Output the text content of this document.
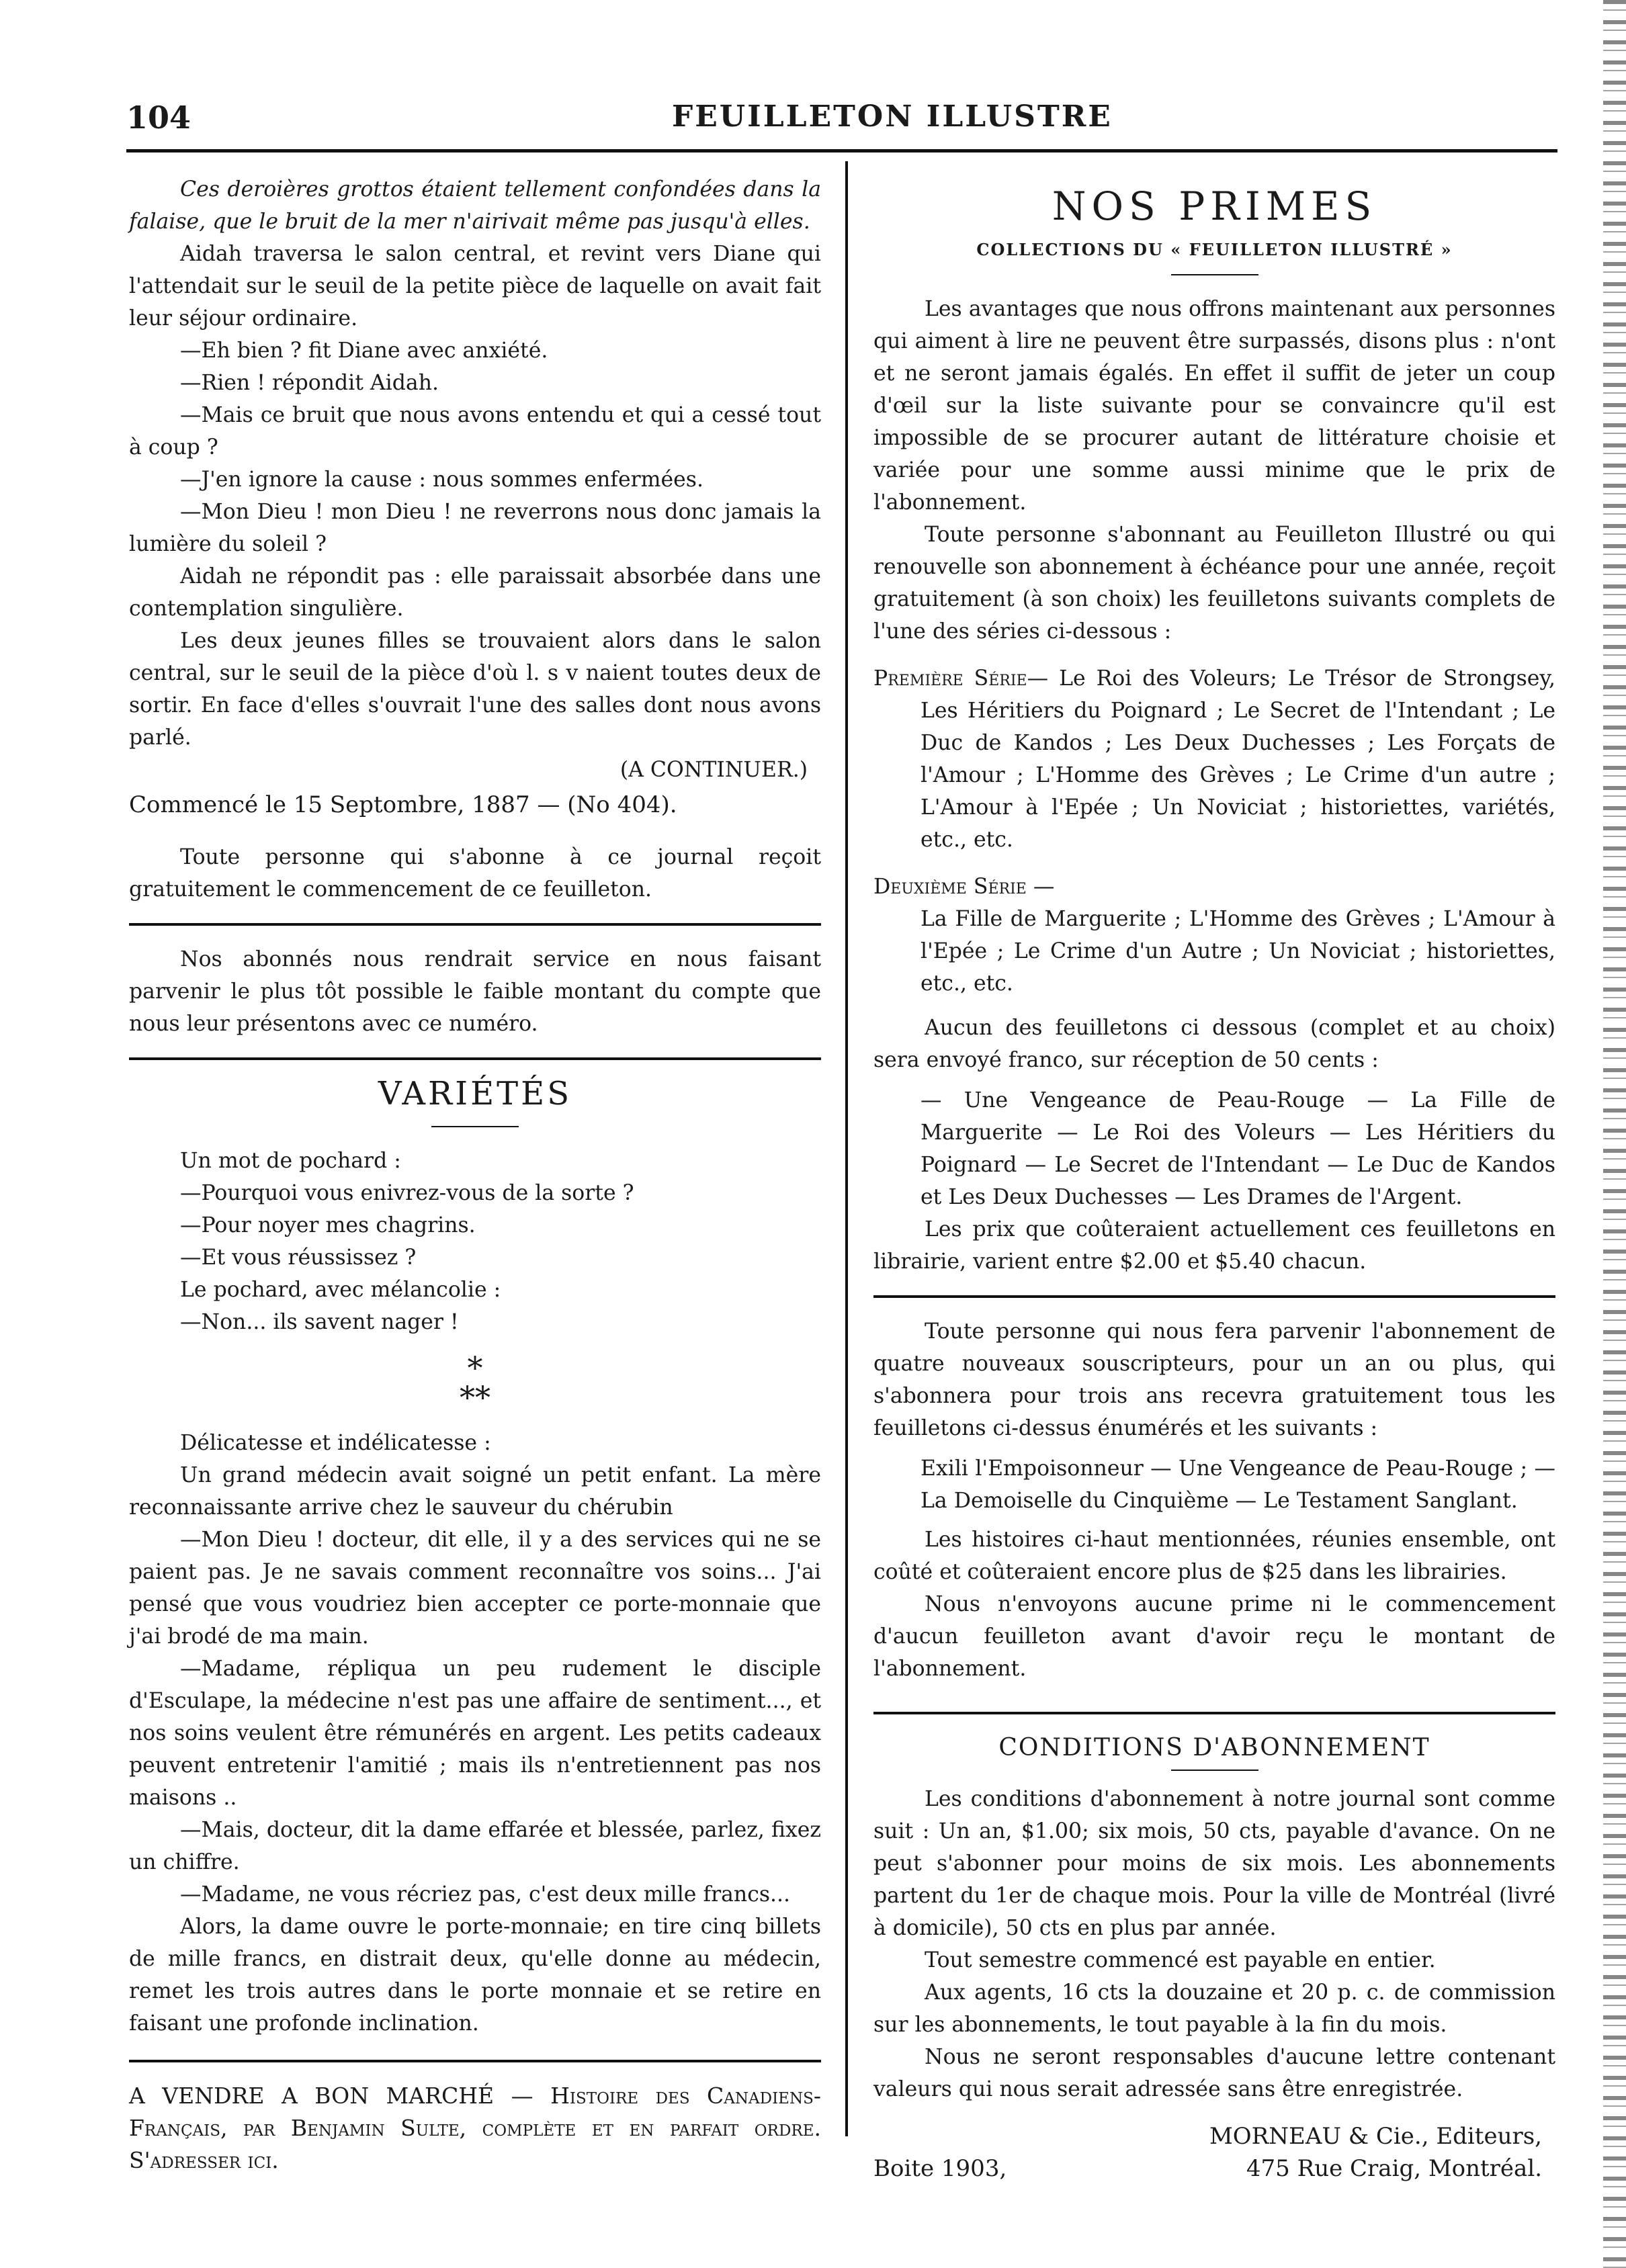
104	FEUILLETON ILLUSTRE

Ces deroières grottos étaient tellement confondées dans la falaise, que le bruit de la mer n'airivait même pas jusqu'à elles.

Aidah traversa le salon central, et revint vers Diane qui l'attendait sur le seuil de la petite pièce de laquelle on avait fait leur séjour ordinaire.

—Eh bien ? fit Diane avec anxiété.

—Rien ! répondit Aidah.

—Mais ce bruit que nous avons entendu et qui a cessé tout à coup ?

—J'en ignore la cause : nous sommes enfermées.

—Mon Dieu ! mon Dieu ! ne reverrons nous donc jamais la lumière du soleil ?

Aidah ne répondit pas : elle paraissait absorbée dans une contemplation singulière.

Les deux jeunes filles se trouvaient alors dans le salon central, sur le seuil de la pièce d'où l. s v naient toutes deux de sortir. En face d'elles s'ouvrait l'une des salles dont nous avons parlé.

(A CONTINUER.)
Commencé le 15 Septombre, 1887 — (No 404).

Toute personne qui s'abonne à ce journal reçoit gratuitement le commencement de ce feuilleton.

Nos abonnés nous rendrait service en nous faisant parvenir le plus tôt possible le faible montant du compte que nous leur présentons avec ce numéro.

VARIÉTÉS

Un mot de pochard :

—Pourquoi vous enivrez-vous de la sorte ?

—Pour noyer mes chagrins.

—Et vous réussissez ?

Le pochard, avec mélancolie :

—Non... ils savent nager !

*
**

Délicatesse et indélicatesse :

Un grand médecin avait soigné un petit enfant. La mère reconnaissante arrive chez le sauveur du chérubin

—Mon Dieu ! docteur, dit elle, il y a des services qui ne se paient pas. Je ne savais comment reconnaître vos soins... J'ai pensé que vous voudriez bien accepter ce porte-monnaie que j'ai brodé de ma main.

—Madame, répliqua un peu rudement le disciple d'Esculape, la médecine n'est pas une affaire de sentiment..., et nos soins veulent être rémunérés en argent. Les petits cadeaux peuvent entretenir l'amitié ; mais ils n'entretiennent pas nos maisons ..

—Mais, docteur, dit la dame effarée et blessée, parlez, fixez un chiffre.

—Madame, ne vous récriez pas, c'est deux mille francs...

Alors, la dame ouvre le porte-monnaie; en tire cinq billets de mille francs, en distrait deux, qu'elle donne au médecin, remet les trois autres dans le porte monnaie et se retire en faisant une profonde inclination.

A VENDRE A BON MARCHÉ — Histoire des Canadiens-Français, par Benjamin Sulte, complète et en parfait ordre. S'adresser ici.

NOS PRIMES
COLLECTIONS DU « FEUILLETON ILLUSTRÉ »

Les avantages que nous offrons maintenant aux personnes qui aiment à lire ne peuvent être surpassés, disons plus : n'ont et ne seront jamais égalés. En effet il suffit de jeter un coup d'œil sur la liste suivante pour se convaincre qu'il est impossible de se procurer autant de littérature choisie et variée pour une somme aussi minime que le prix de l'abonnement.

Toute personne s'abonnant au Feuilleton Illustré ou qui renouvelle son abonnement à échéance pour une année, reçoit gratuitement (à son choix) les feuilletons suivants complets de l'une des séries ci-dessous :

Première Série— Le Roi des Voleurs; Le Trésor de Strongsey, Les Héritiers du Poignard ; Le Secret de l'Intendant ; Le Duc de Kandos ; Les Deux Duchesses ; Les Forçats de l'Amour ; L'Homme des Grèves ; Le Crime d'un autre ; L'Amour à l'Epée ; Un Noviciat ; historiettes, variétés, etc., etc.

Deuxième Série —

La Fille de Marguerite ; L'Homme des Grèves ; L'Amour à l'Epée ; Le Crime d'un Autre ; Un Noviciat ; historiettes, etc., etc.

Aucun des feuilletons ci dessous (complet et au choix) sera envoyé franco, sur réception de 50 cents :

— Une Vengeance de Peau-Rouge — La Fille de Marguerite — Le Roi des Voleurs — Les Héritiers du Poignard — Le Secret de l'Intendant — Le Duc de Kandos et Les Deux Duchesses — Les Drames de l'Argent.

Les prix que coûteraient actuellement ces feuilletons en librairie, varient entre $2.00 et $5.40 chacun.

Toute personne qui nous fera parvenir l'abonnement de quatre nouveaux souscripteurs, pour un an ou plus, qui s'abonnera pour trois ans recevra gratuitement tous les feuilletons ci-dessus énumérés et les suivants :

Exili l'Empoisonneur — Une Vengeance de Peau-Rouge ; — La Demoiselle du Cinquième — Le Testament Sanglant.

Les histoires ci-haut mentionnées, réunies ensemble, ont coûté et coûteraient encore plus de $25 dans les librairies.

Nous n'envoyons aucune prime ni le commencement d'aucun feuilleton avant d'avoir reçu le montant de l'abonnement.

CONDITIONS D'ABONNEMENT

Les conditions d'abonnement à notre journal sont comme suit : Un an, $1.00; six mois, 50 cts, payable d'avance. On ne peut s'abonner pour moins de six mois. Les abonnements partent du 1er de chaque mois. Pour la ville de Montréal (livré à domicile), 50 cts en plus par année.

Tout semestre commencé est payable en entier.

Aux agents, 16 cts la douzaine et 20 p. c. de commission sur les abonnements, le tout payable à la fin du mois.

Nous ne seront responsables d'aucune lettre contenant valeurs qui nous serait adressée sans être enregistrée.

MORNEAU & Cie., Editeurs,
Boite 1903,	475 Rue Craig, Montréal.
